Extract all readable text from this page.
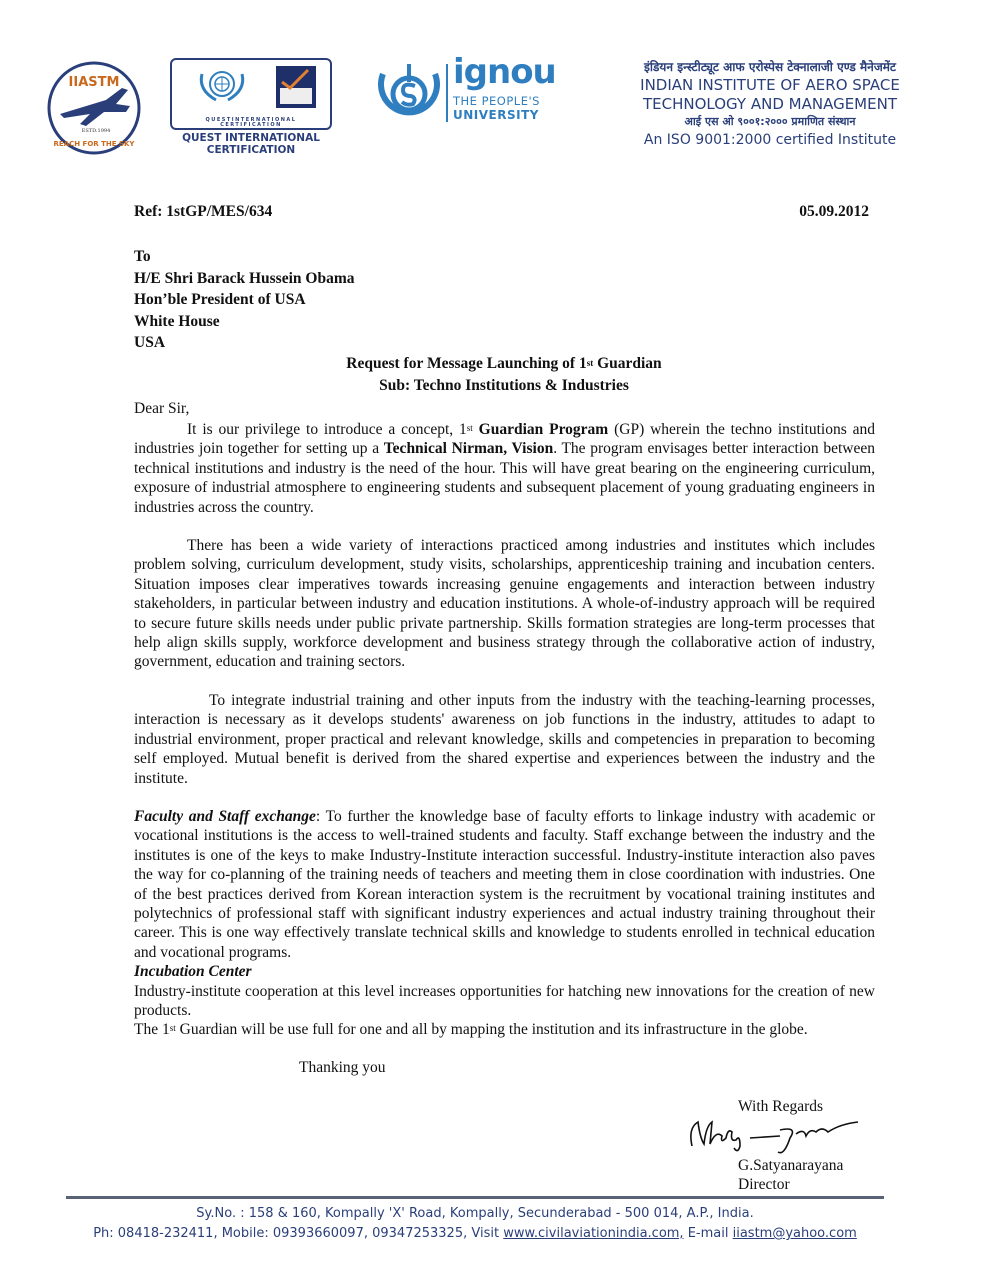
IIASTM
ESTD.1994
REACH FOR THE SKY
QUESTINTERNATIONAL CERTIFICATION
QUEST INTERNATIONAL
CERTIFICATION
ignou
THE PEOPLE'S
UNIVERSITY
इंडियन इन्स्टीट्यूट आफ एरोस्पेस टेक्नालाजी एण्ड मैनेजमेंट
INDIAN INSTITUTE OF AERO SPACE
TECHNOLOGY AND MANAGEMENT
आई एस ओ ९००१:२००० प्रमाणित संस्थान
An ISO 9001:2000 certified Institute
Ref: 1stGP/MES/634	05.09.2012
To
H/E Shri Barack Hussein Obama
Hon’ble President of USA
White House
USA
Request for Message Launching of 1st Guardian
Sub: Techno Institutions & Industries
Dear Sir,

It is our privilege to introduce a concept, 1st Guardian Program (GP) wherein the techno institutions and industries join together for setting up a Technical Nirman, Vision. The program envisages better interaction between technical institutions and industry is the need of the hour. This will have great bearing on the engineering curriculum, exposure of industrial atmosphere to engineering students and subsequent placement of young graduating engineers in industries across the country.

There has been a wide variety of interactions practiced among industries and institutes which includes problem solving, curriculum development, study visits, scholarships, apprenticeship training and incubation centers. Situation imposes clear imperatives towards increasing genuine engagements and interaction between industry stakeholders, in particular between industry and education institutions. A whole-of-industry approach will be required to secure future skills needs under public private partnership. Skills formation strategies are long-term processes that help align skills supply, workforce development and business strategy through the collaborative action of industry, government, education and training sectors.

To integrate industrial training and other inputs from the industry with the teaching-learning processes, interaction is necessary as it develops students' awareness on job functions in the industry, attitudes to adapt to industrial environment, proper practical and relevant knowledge, skills and competencies in preparation to becoming self employed. Mutual benefit is derived from the shared expertise and experiences between the industry and the institute.

Faculty and Staff exchange: To further the knowledge base of faculty efforts to linkage industry with academic or vocational institutions is the access to well-trained students and faculty. Staff exchange between the industry and the institutes is one of the keys to make Industry-Institute interaction successful. Industry-institute interaction also paves the way for co-planning of the training needs of teachers and meeting them in close coordination with industries. One of the best practices derived from Korean interaction system is the recruitment by vocational training institutes and polytechnics of professional staff with significant industry experiences and actual industry training throughout their career. This is one way effectively translate technical skills and knowledge to students enrolled in technical education and vocational programs.

Incubation Center

Industry-institute cooperation at this level increases opportunities for hatching new innovations for the creation of new products.

The 1st Guardian will be use full for one and all by mapping the institution and its infrastructure in the globe.

Thanking you
With Regards
G.Satyanarayana
Director
Sy.No. : 158 & 160, Kompally 'X' Road, Kompally, Secunderabad - 500 014, A.P., India.
Ph: 08418-232411, Mobile: 09393660097, 09347253325, Visit www.civilaviationindia.com, E-mail iiastm@yahoo.com
